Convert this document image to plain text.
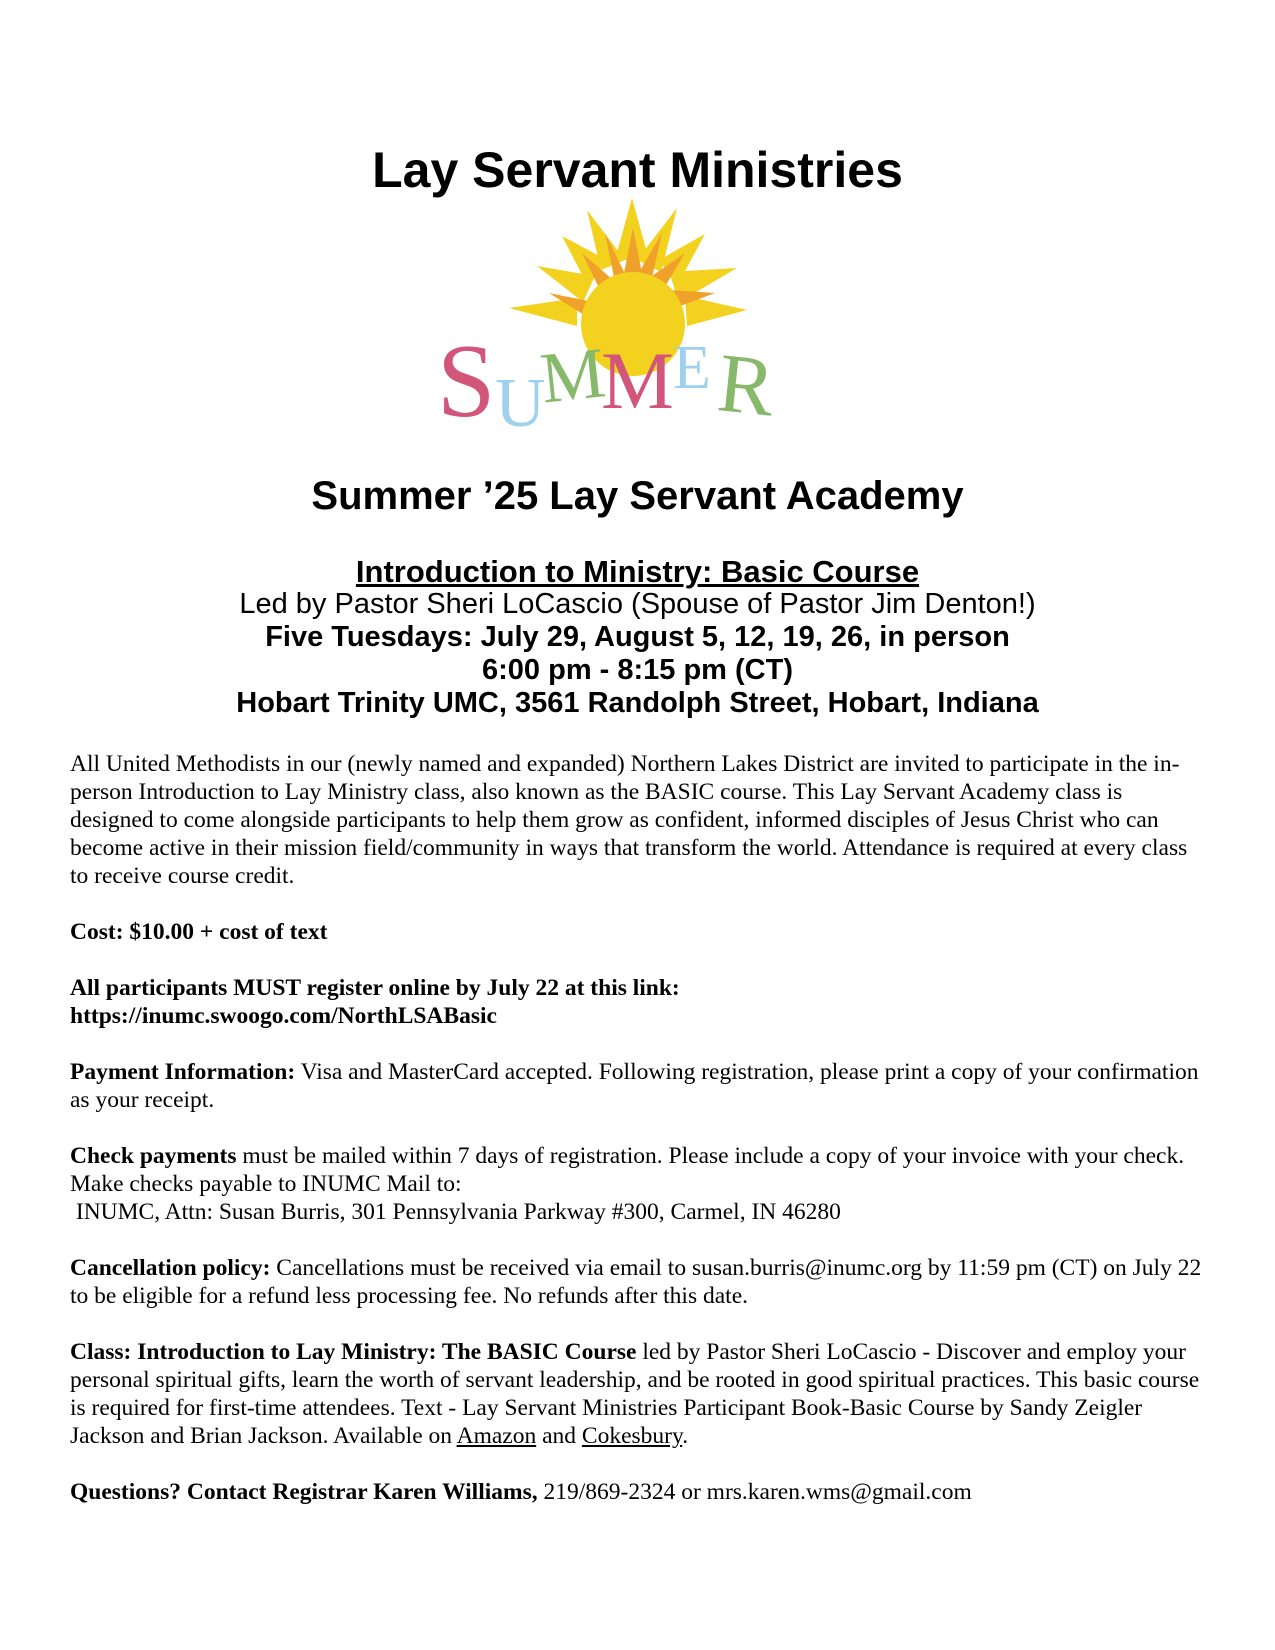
Lay Servant Ministries
S U
M
M E R
Summer ’25 Lay Servant Academy
Introduction to Ministry: Basic Course
Led by Pastor Sheri LoCascio (Spouse of Pastor Jim Denton!)
Five Tuesdays: July 29, August 5, 12, 19, 26, in person
6:00 pm - 8:15 pm (CT)
Hobart Trinity UMC, 3561 Randolph Street, Hobart, Indiana

All United Methodists in our (newly named and expanded) Northern Lakes District are invited to participate in the in-person Introduction to Lay Ministry class, also known as the BASIC course. This Lay Servant Academy class is designed to come alongside participants to help them grow as confident, informed disciples of Jesus Christ who can become active in their mission field/community in ways that transform the world. Attendance is required at every class to receive course credit.

Cost: $10.00 + cost of text

All participants MUST register online by July 22 at this link:
https://inumc.swoogo.com/NorthLSABasic

Payment Information: Visa and MasterCard accepted. Following registration, please print a copy of your confirmation as your receipt.

Check payments must be mailed within 7 days of registration. Please include a copy of your invoice with your check. Make checks payable to INUMC Mail to:
INUMC, Attn: Susan Burris, 301 Pennsylvania Parkway #300, Carmel, IN 46280

Cancellation policy: Cancellations must be received via email to susan.burris@inumc.org by 11:59 pm (CT) on July 22 to be eligible for a refund less processing fee. No refunds after this date.

Class: Introduction to Lay Ministry: The BASIC Course led by Pastor Sheri LoCascio - Discover and employ your personal spiritual gifts, learn the worth of servant leadership, and be rooted in good spiritual practices. This basic course is required for first-time attendees. Text - Lay Servant Ministries Participant Book-Basic Course by Sandy Zeigler Jackson and Brian Jackson. Available on Amazon and Cokesbury.

Questions? Contact Registrar Karen Williams, 219/869-2324 or mrs.karen.wms@gmail.com
